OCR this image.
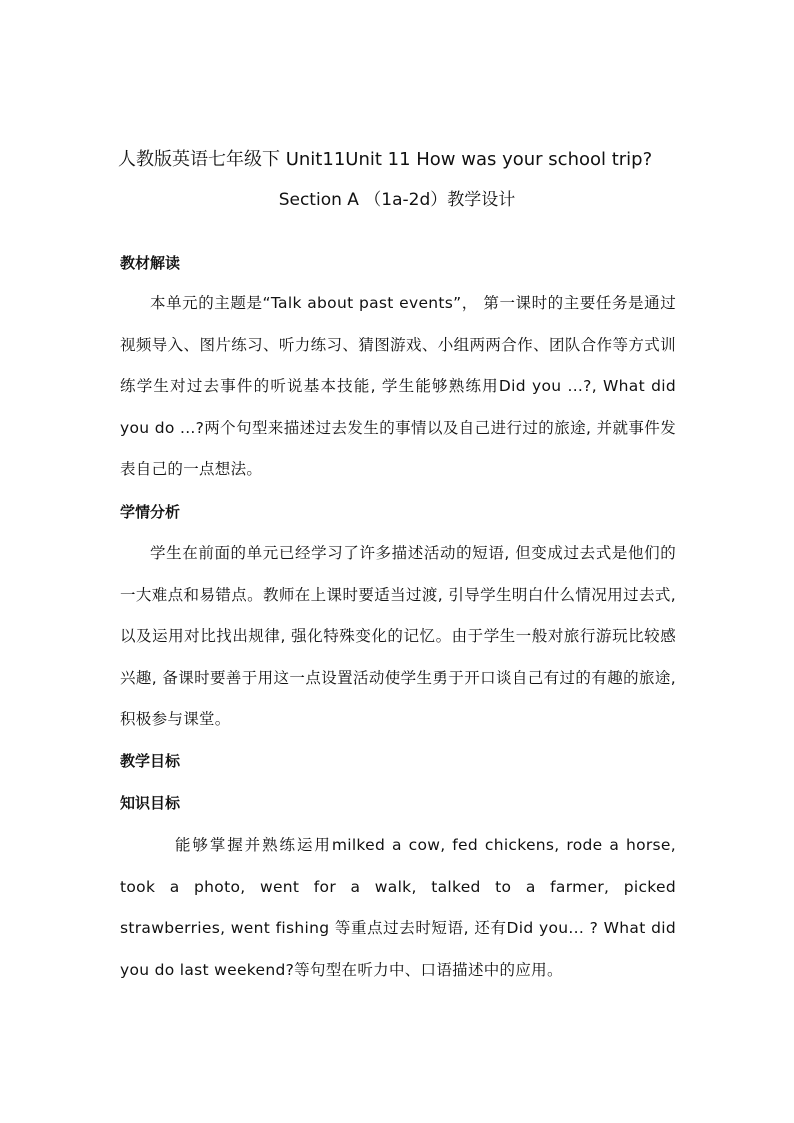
人教版英语七年级下 Unit11Unit 11 How was your school trip?
Section A （1a-2d）教学设计
教材解读
本单元的主题是“Talk about past events”， 第一课时的主要任务是通过视频导入、图片练习、听力练习、猜图游戏、小组两两合作、团队合作等方式训练学生对过去事件的听说基本技能, 学生能够熟练用Did you ...?, What did you do ...?两个句型来描述过去发生的事情以及自己进行过的旅途, 并就事件发表自己的一点想法。
学情分析
学生在前面的单元已经学习了许多描述活动的短语, 但变成过去式是他们的一大难点和易错点。教师在上课时要适当过渡, 引导学生明白什么情况用过去式, 以及运用对比找出规律, 强化特殊变化的记忆。由于学生一般对旅行游玩比较感兴趣, 备课时要善于用这一点设置活动使学生勇于开口谈自己有过的有趣的旅途, 积极参与课堂。
教学目标
知识目标
能够掌握并熟练运用milked a cow, fed chickens, rode a horse, took a photo, went for a walk, talked to a farmer, picked strawberries, went fishing 等重点过去时短语, 还有Did you... ? What did you do last weekend?等句型在听力中、口语描述中的应用。
